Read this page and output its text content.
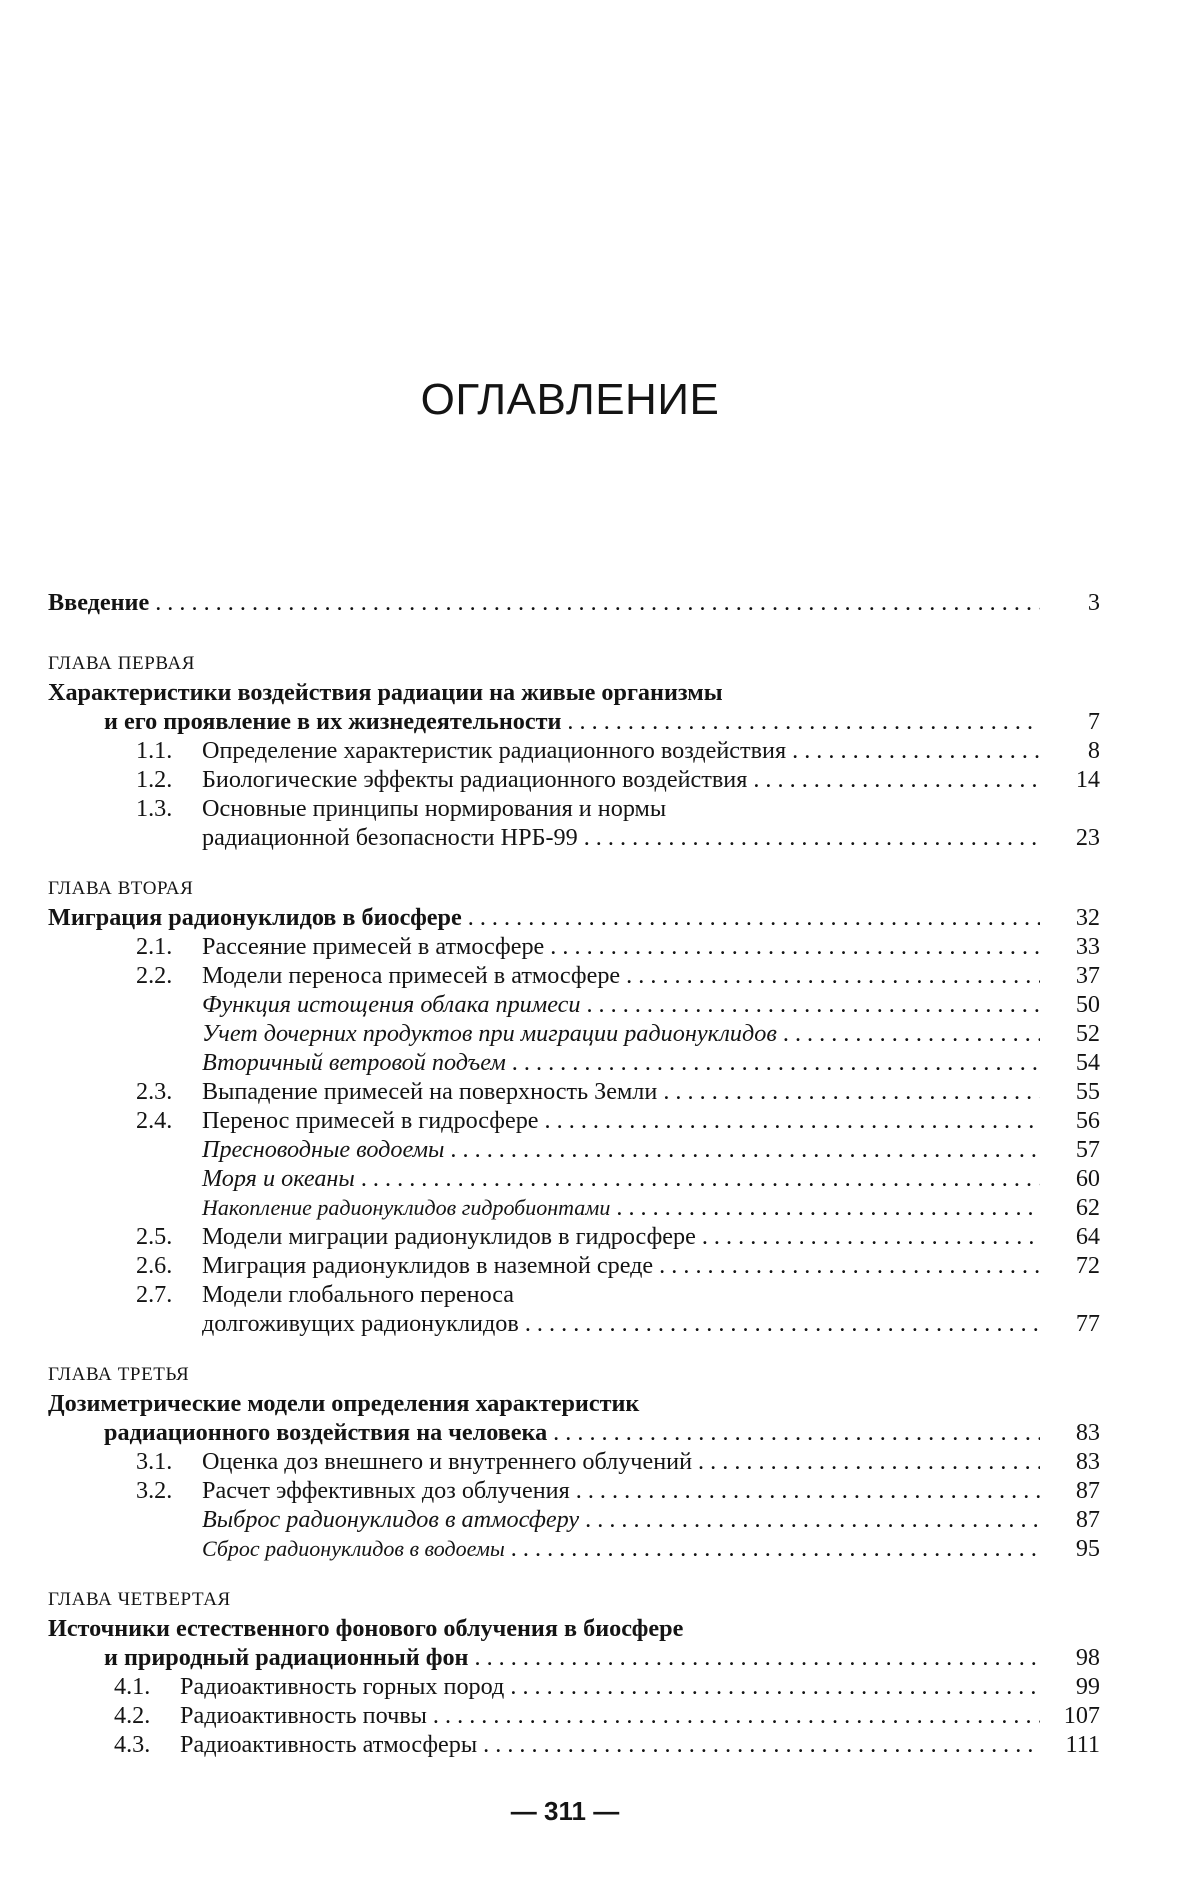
ОГЛАВЛЕНИЕ
Введение . . .	3
ГЛАВА ПЕРВАЯ
Характеристики воздействия радиации на живые организмы
и его проявление в их жизнедеятельности . . .	7
1.1.	Определение характеристик радиационного воздействия . . .	8
1.2.	Биологические эффекты радиационного воздействия . . .	14
1.3.	Основные принципы нормирования и нормы
радиационной безопасности НРБ-99 . . .	23
ГЛАВА ВТОРАЯ
Миграция радионуклидов в биосфере . . .	32
2.1.	Рассеяние примесей в атмосфере . . .	33
2.2.	Модели переноса примесей в атмосфере . . .	37
Функция истощения облака примеси . . .	50
Учет дочерних продуктов при миграции радионуклидов . . .	52
Вторичный ветровой подъем . . .	54
2.3.	Выпадение примесей на поверхность Земли . . .	55
2.4.	Перенос примесей в гидросфере . . .	56
Пресноводные водоемы . . .	57
Моря и океаны . . .	60
Накопление радионуклидов гидробионтами . . .	62
2.5.	Модели миграции радионуклидов в гидросфере . . .	64
2.6.	Миграция радионуклидов в наземной среде . . .	72
2.7.	Модели глобального переноса
долгоживущих радионуклидов . . .	77
ГЛАВА ТРЕТЬЯ
Дозиметрические модели определения характеристик
радиационного воздействия на человека . . .	83
3.1.	Оценка доз внешнего и внутреннего облучений . . .	83
3.2.	Расчет эффективных доз облучения . . .	87
Выброс радионуклидов в атмосферу . . .	87
Сброс радионуклидов в водоемы . . .	95
ГЛАВА ЧЕТВЕРТАЯ
Источники естественного фонового облучения в биосфере
и природный радиационный фон . . .	98
4.1.	Радиоактивность горных пород . . .	99
4.2.	Радиоактивность почвы . . .	107
4.3.	Радиоактивность атмосферы . . .	111
— 311 —
